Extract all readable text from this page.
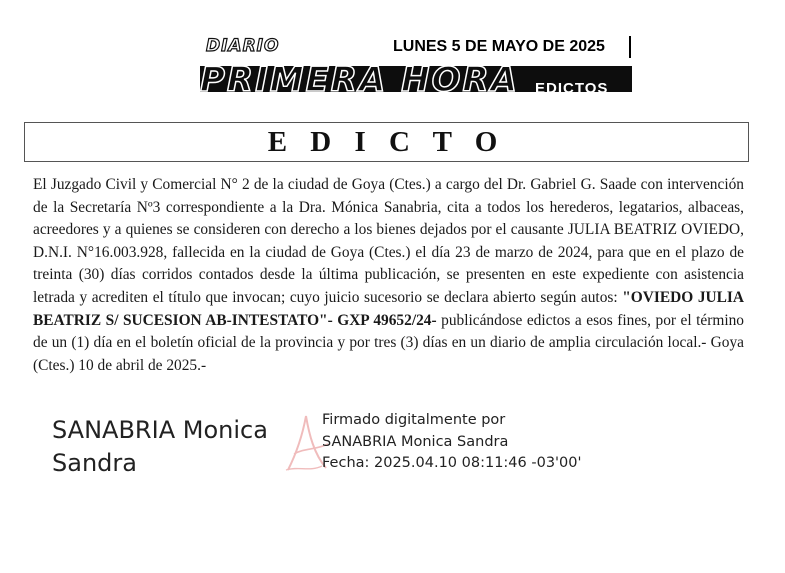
DIARIO	LUNES 5 DE MAYO DE 2025
PRIMERA HORA EDICTOS
E D I C T O
El Juzgado Civil y Comercial N° 2 de la ciudad de Goya (Ctes.) a cargo del Dr. Gabriel G. Saade con intervención de la Secretaría Nº3 correspondiente a la Dra. Mónica Sanabria, cita a todos los herederos, legatarios, albaceas, acreedores y a quienes se consideren con derecho a los bienes dejados por el causante JULIA BEATRIZ OVIEDO, D.N.I. N°16.003.928, fallecida en la ciudad de Goya (Ctes.) el día 23 de marzo de 2024, para que en el plazo de treinta (30) días corridos contados desde la última publicación, se presenten en este expediente con asistencia letrada y acrediten el título que invocan; cuyo juicio sucesorio se declara abierto según autos: "OVIEDO JULIA BEATRIZ S/ SUCESION AB-INTESTATO"- GXP 49652/24- publicándose edictos a esos fines, por el término de un (1) día en el boletín oficial de la provincia y por tres (3) días en un diario de amplia circulación local.- Goya (Ctes.) 10 de abril de 2025.-
SANABRIA Monica
Sandra
Firmado digitalmente por
SANABRIA Monica Sandra
Fecha: 2025.04.10 08:11:46 -03'00'
